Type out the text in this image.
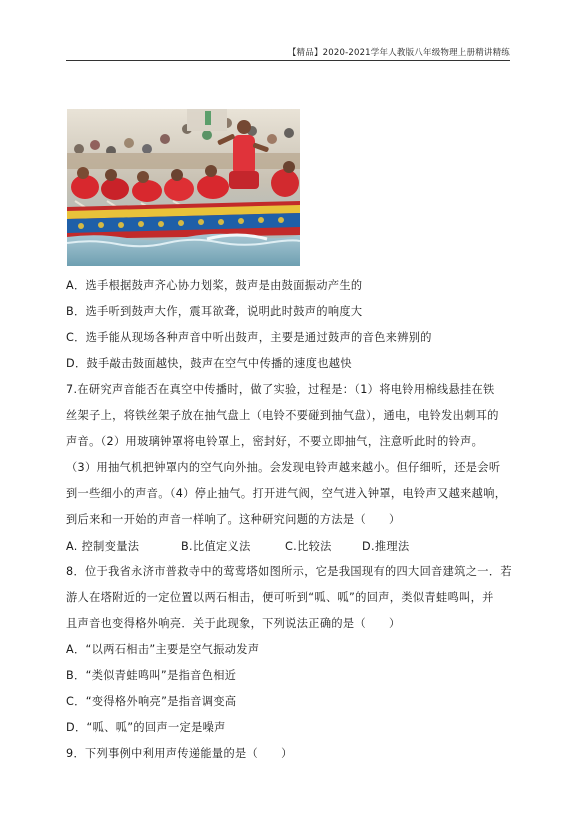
【精品】2020-2021学年人教版八年级物理上册精讲精练
A．选手根据鼓声齐心协力划桨，鼓声是由鼓面振动产生的
B．选手听到鼓声大作，震耳欲聋，说明此时鼓声的响度大
C．选手能从现场各种声音中听出鼓声，主要是通过鼓声的音色来辨别的
D．鼓手敲击鼓面越快，鼓声在空气中传播的速度也越快
7.在研究声音能否在真空中传播时，做了实验，过程是：（1）将电铃用棉线悬挂在铁
丝架子上，将铁丝架子放在抽气盘上（电铃不要碰到抽气盘），通电，电铃发出刺耳的
声音。（2）用玻璃钟罩将电铃罩上，密封好，不要立即抽气，注意听此时的铃声。
（3）用抽气机把钟罩内的空气向外抽。会发现电铃声越来越小。但仔细听，还是会听
到一些细小的声音。（4）停止抽气。打开进气阀，空气进入钟罩，电铃声又越来越响，
到后来和一开始的声音一样响了。这种研究问题的方法是（　　）
A. 控制变量法	B.比值定义法	C.比较法	D.推理法
8．位于我省永济市普救寺中的莺莺塔如图所示，它是我国现有的四大回音建筑之一．若
游人在塔附近的一定位置以两石相击，便可听到“呱、呱”的回声，类似青蛙鸣叫，并
且声音也变得格外响亮．关于此现象，下列说法正确的是（　　）
A．“以两石相击”主要是空气振动发声
B．“类似青蛙鸣叫”是指音色相近
C．“变得格外响亮”是指音调变高
D．“呱、呱”的回声一定是噪声
9．下列事例中利用声传递能量的是（　　）
